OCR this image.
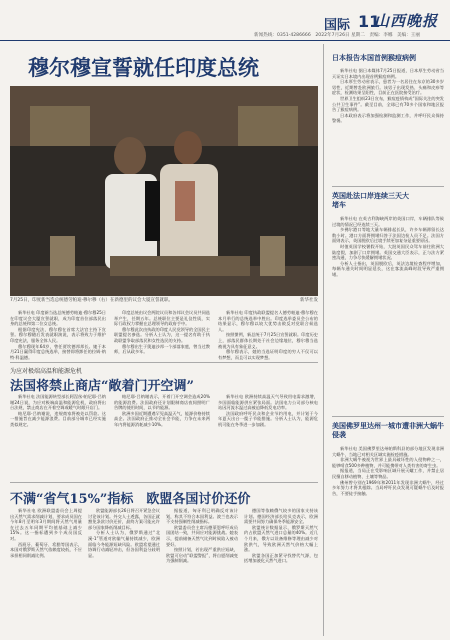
国际 11
山西晚报
新闻热线：0351-4286666　2022年7月26日 星期二　责编：李娜　美编：王丽
穆尔穆宣誓就任印度总统
7月25日，印度新当选总统德劳帕迪·穆尔穆（右）在新德里的议会大厦宣誓就职。	新华社发

新华社电 印度新当选总统德劳帕迪·穆尔穆25日在印度议会大厦宣誓就职，成为印度首位部落民出身的总统和第二位女总统。

根据印度宪法，穆尔穆在首席大法官主持下宣誓。穆尔穆随后发表就职演说，表示将致力于维护印度宪法，服务全体人民。

穆尔穆现年64岁，曾任贾坎德邦邦长。她于本月21日赢得印度总统选举，接替即将卸任的拉姆·纳特·科温德。

印度总统由议会两院议员和各邦议会议员共同选举产生，任期五年。总统职位主要是礼仪性质，实际行政权力掌握在总理领导的政府手中。

穆尔穆此次由执政的印度人民党领导的全国民主联盟提名参选。分析人士认为，这一提名有助于执政联盟争取部落民和女性选民的支持。

穆尔穆出生于奥迪沙邦一个部落家庭，曾当过教师，后从政多年。

新华社电 印度执政联盟提名人德劳帕迪·穆尔穆在本月举行的总统选举中胜出。印度选举委员会公布的结果显示，穆尔穆以较大优势击败反对党联合候选人。

按照惯例，新总统于7月25日宣誓就职。印度历史上，部落民群体长期处于社会边缘地位，穆尔穆当选被视为具有象征意义。

穆尔穆表示，她的当选证明印度的穷人不仅可以有梦想，而且可以实现梦想。

为应对极端高温和能源危机
法国将禁止商店“敞着门开空调”

新华社电 法国能源转型部长阿涅丝·帕尼耶-吕纳谢24日说，为应对极端高温和能源危机，政府将出台法规，禁止商店在开着空调或暖气时敞开店门。

帕尼耶-吕纳谢说，违规商家将被处以罚款。这一措施旨在减少能源浪费。目前部分城市已经实施类似规定。

帕尼耶-吕纳谢表示，开着门开空调会造成20%的能源浪费。法国政府还计划限制商店夜间照明广告牌的使用时间，以节约能源。

欧洲多国近期遭遇罕见高温天气，能源价格持续高企。法国政府正推动全社会节能，力争在未来两年内将能源消耗减少10%。

新华社电 欧洲持续高温天气导致用电需求激增，多国面临能源供应紧张局面。法国电力公司部分核电站因河流水温过高被迫降低发电功率。

法国政府呼吁民众和企业节约用电，并计划于今年夏天出台一揽子节能措施。分析人士认为，能源危机可能在冬季进一步加剧。

不满“省气15%”指标　欧盟各国讨价还价

新华社电 欧洲联盟委员会上周提出天然气需求削减计划，要求成员国在今年8月至明年3月期间将天然气用量在过去五年同期平均值基础上减少15%。这一指标遭到多个成员国反对。

西班牙、葡萄牙、希腊等国表示，本国对俄罗斯天然气依赖度较低，不应承担相同削减比例。

欧盟能源部长26日将召开紧急会议讨论该计划。外交人士透露，各国正就豁免条款讨价还价，最终方案可能允许部分国家降低削减目标。

分析人士认为，俄罗斯通过“北溪-1”管道对欧输气量持续减少，欧洲面临今冬能源短缺风险。欧盟希望通过协调行动减轻冲击，但各国利益分歧明显。

据报道，匈牙利已明确反对该计划，称其不符合本国利益。波兰也表示不支持强制性削减指标。

欧盟委员会主席冯德莱恩呼吁成员国团结一致，共同应对能源挑战。她表示，提前储备天然气比到时候陷入被动要好。

按照计划，若出现严重供应短缺，欧盟可启动“联盟警报”，将自愿削减变为强制削减。

德国等依赖俄气较多的国家支持该计划。德国经济部长哈贝克表示，欧洲需要共同努力确保冬季能源安全。

欧盟统计数据显示，俄罗斯天然气约占欧盟天然气进口总量的40%。近几个月来，俄方以设备维修等理由减少对欧供气，导致欧洲天然气价格大幅上涨。

欧盟各国正加紧寻找替代气源，包括增加液化天然气进口。

日本报告本国首例猴痘病例

新华社电 据日本媒体7月25日报道，日本厚生劳动省当天证实日本境内出现首例猴痘病例。

日本厚生劳动省表示，患者为一名居住在东京的30多岁男性，近期曾赴欧洲旅行。该男子出现发热、头痛和皮疹等症状，检测结果呈阳性，目前正在医院接受治疗。

世界卫生组织23日宣布，猴痘疫情构成“国际关注的突发公共卫生事件”。截至目前，全球已有70多个国家和地区报告了猴痘病例。

日本政府表示将加强检测和监测工作，并呼吁民众保持警惕。

英国赴法口岸连续三天大堵车

新华社电 在英吉利海峡两岸的英国口岸，车辆排队等候过境的情况已经连续三天。

多佛尔港口等地大量车辆排起长队，许多车辆滞留长达数小时。港口方面将拥堵归咎于法国边检人员不足。法国方面则表示，英国脱欧后过境手续更加复杂是重要原因。

时值英国学校暑假开始，大批英国民众驾车前往欧洲大陆度假，加剧了口岸拥堵。英国交通大臣表示，正与法方紧密沟通，力争尽快缓解拥堵状况。

分析人士指出，英国脱欧后，英法边境检查程序增加，每辆车通关时间明显延长，这在客流高峰时段导致严重拥堵。

美国佛罗里达州一城市遭非洲大蜗牛侵袭

新华社电 美国佛罗里达州帕斯科县的部分地区发现非洲大蜗牛，当地已对相关区域实施检疫措施。

非洲大蜗牛被视为世界上最具破坏性的入侵物种之一，能够啃食500多种植物，并可能携带对人类有害的寄生虫。

据报道，当局正在受影响区域开展灭螺工作，并禁止居民擅自移动植物、土壤等物品。

佛州曾分别在1969年和2011年发现非洲大蜗牛，经过多年努力才将其根除。当局呼吁民众发现可疑蜗牛后及时报告，不要徒手接触。
